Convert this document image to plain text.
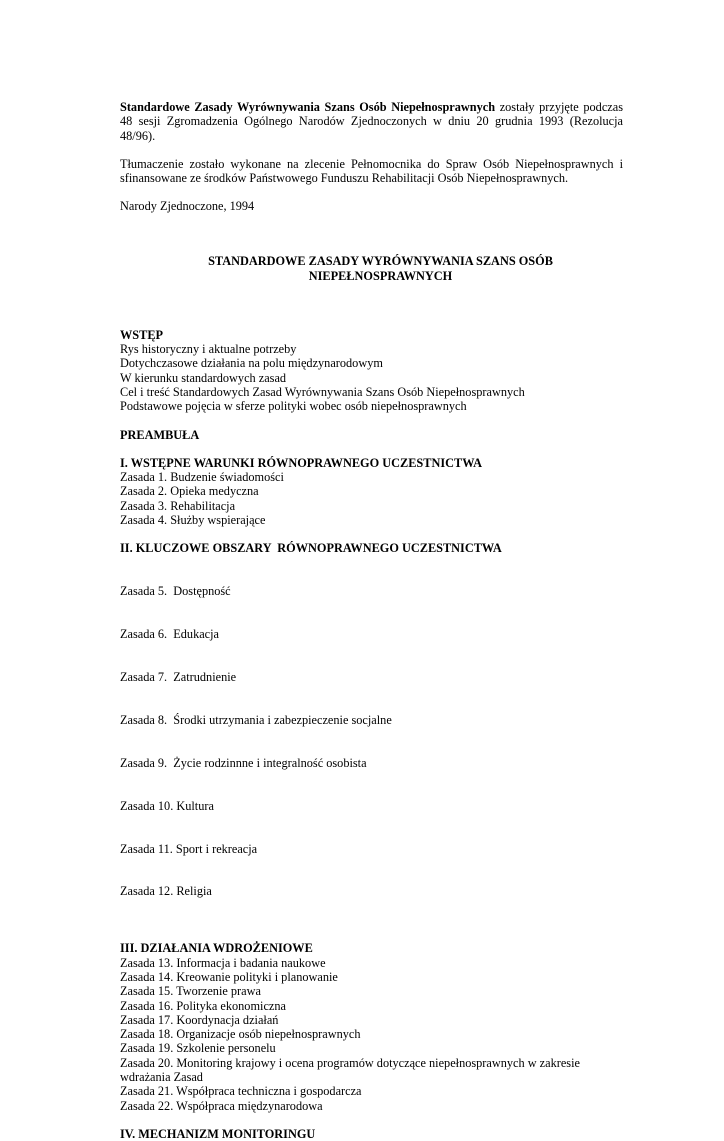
Standardowe Zasady Wyrównywania Szans Osób Niepełnosprawnych zostały przyjęte podczas 48 sesji Zgromadzenia Ogólnego Narodów Zjednoczonych w dniu 20 grudnia 1993 (Rezolucja 48/96).

Tłumaczenie zostało wykonane na zlecenie Pełnomocnika do Spraw Osób Niepełnosprawnych i sfinansowane ze środków Państwowego Funduszu Rehabilitacji Osób Niepełnosprawnych.

Narody Zjednoczone, 1994

STANDARDOWE ZASADY WYRÓWNYWANIA SZANS OSÓB

NIEPEŁNOSPRAWNYCH

WSTĘP

Rys historyczny i aktualne potrzeby
Dotychczasowe działania na polu międzynarodowym
W kierunku standardowych zasad
Cel i treść Standardowych Zasad Wyrównywania Szans Osób Niepełnosprawnych
Podstawowe pojęcia w sferze polityki wobec osób niepełnosprawnych

PREAMBUŁA

I. WSTĘPNE WARUNKI RÓWNOPRAWNEGO UCZESTNICTWA

Zasada 1. Budzenie świadomości
Zasada 2. Opieka medyczna
Zasada 3. Rehabilitacja
Zasada 4. Służby wspierające

II. KLUCZOWE OBSZARY  RÓWNOPRAWNEGO UCZESTNICTWA

Zasada 5.  Dostępność

Zasada 6.  Edukacja

Zasada 7.  Zatrudnienie

Zasada 8.  Środki utrzymania i zabezpieczenie socjalne

Zasada 9.  Życie rodzinnne i integralność osobista

Zasada 10. Kultura

Zasada 11. Sport i rekreacja

Zasada 12. Religia

III. DZIAŁANIA WDROŻENIOWE

Zasada 13. Informacja i badania naukowe
Zasada 14. Kreowanie polityki i planowanie
Zasada 15. Tworzenie prawa
Zasada 16. Polityka ekonomiczna
Zasada 17. Koordynacja działań
Zasada 18. Organizacje osób niepełnosprawnych
Zasada 19. Szkolenie personelu
Zasada 20. Monitoring krajowy i ocena programów dotyczące niepełnosprawnych w zakresie wdrażania Zasad
Zasada 21. Współpraca techniczna i gospodarcza
Zasada 22. Współpraca międzynarodowa

IV. MECHANIZM MONITORINGU
